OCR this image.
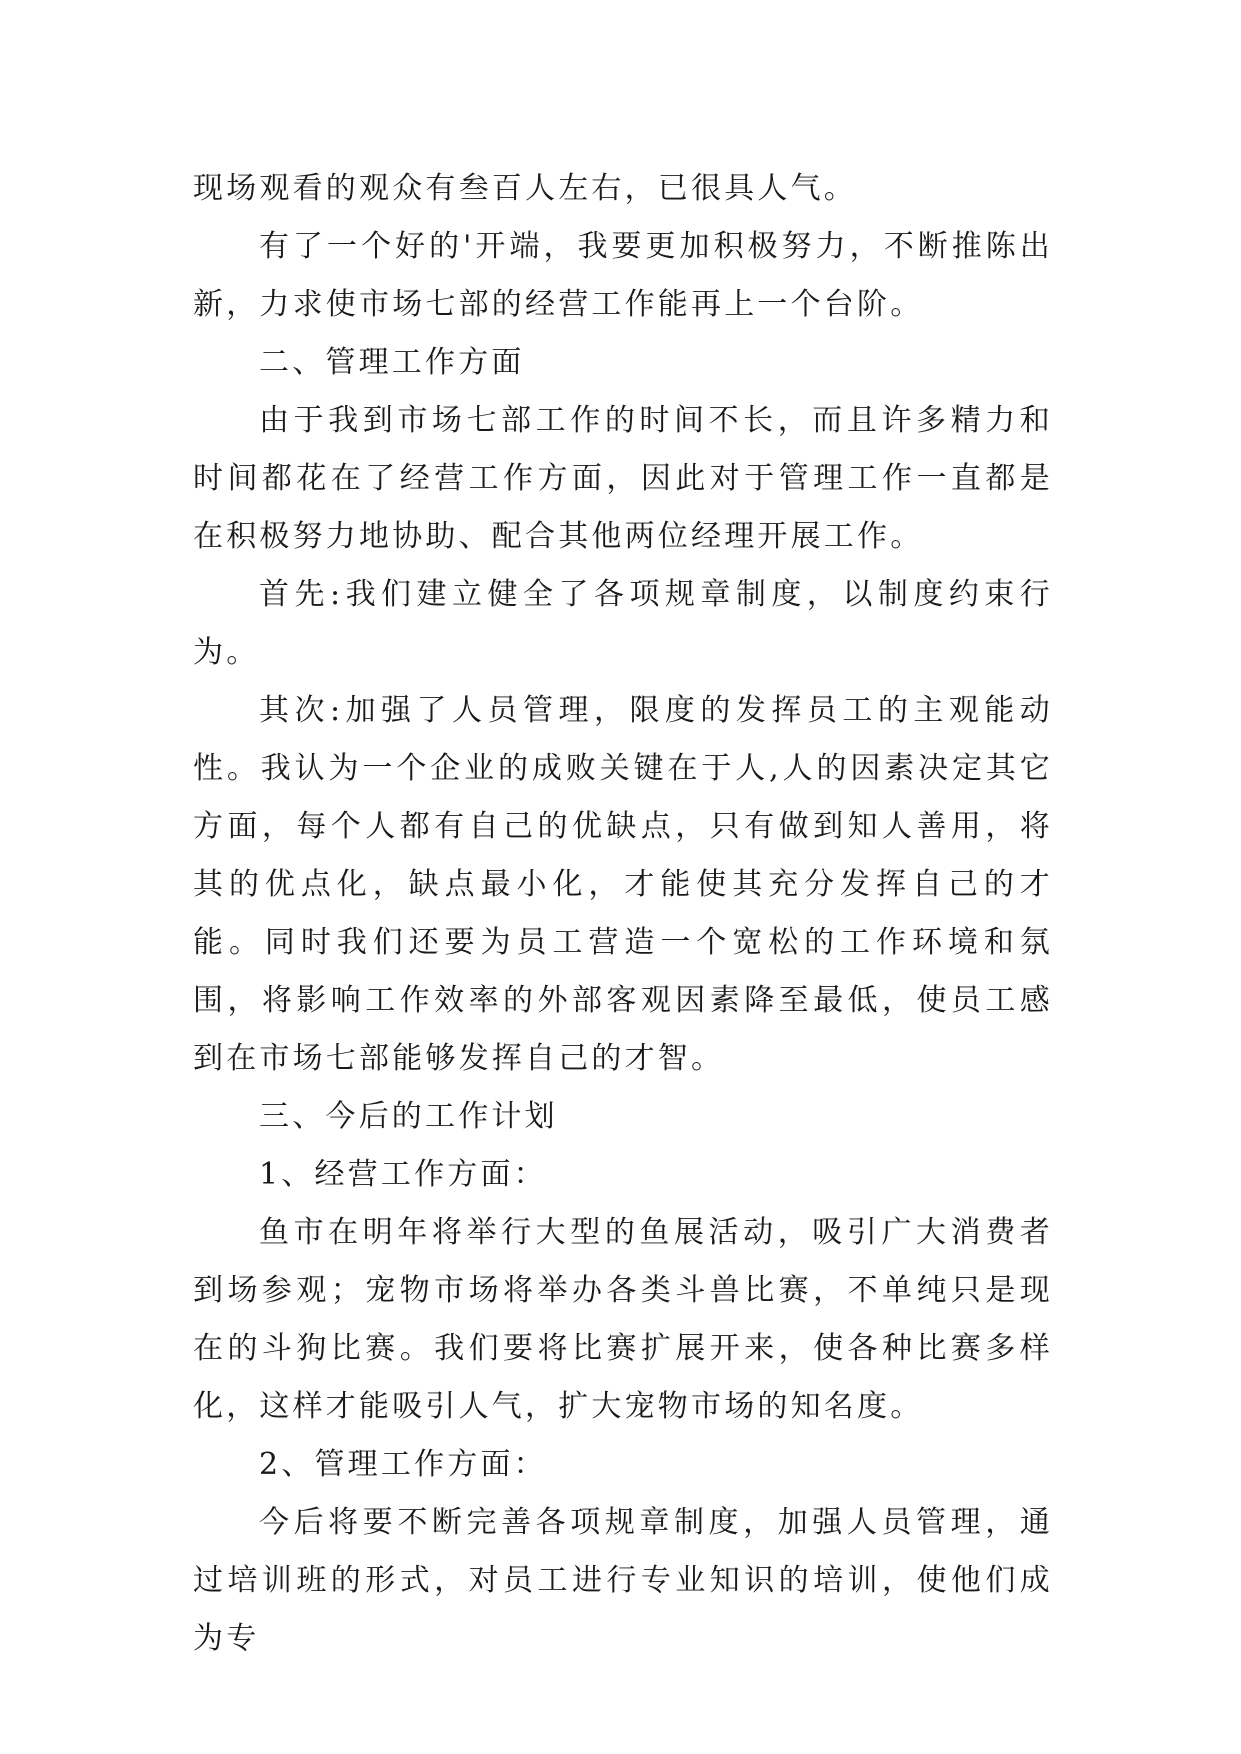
现场观看的观众有叁百人左右，已很具人气。

有了一个好的'开端，我要更加积极努力，不断推陈出新，力求使市场七部的经营工作能再上一个台阶。

二、管理工作方面

由于我到市场七部工作的时间不长，而且许多精力和时间都花在了经营工作方面，因此对于管理工作一直都是在积极努力地协助、配合其他两位经理开展工作。

首先:我们建立健全了各项规章制度，以制度约束行为。

其次:加强了人员管理，限度的发挥员工的主观能动性。我认为一个企业的成败关键在于人,人的因素决定其它方面，每个人都有自己的优缺点，只有做到知人善用，将其的优点化，缺点最小化，才能使其充分发挥自己的才能。同时我们还要为员工营造一个宽松的工作环境和氛围，将影响工作效率的外部客观因素降至最低，使员工感到在市场七部能够发挥自己的才智。

三、今后的工作计划

1、经营工作方面：

鱼市在明年将举行大型的鱼展活动，吸引广大消费者到场参观；宠物市场将举办各类斗兽比赛，不单纯只是现在的斗狗比赛。我们要将比赛扩展开来，使各种比赛多样化，这样才能吸引人气，扩大宠物市场的知名度。

2、管理工作方面：

今后将要不断完善各项规章制度，加强人员管理，通过培训班的形式，对员工进行专业知识的培训，使他们成为专
